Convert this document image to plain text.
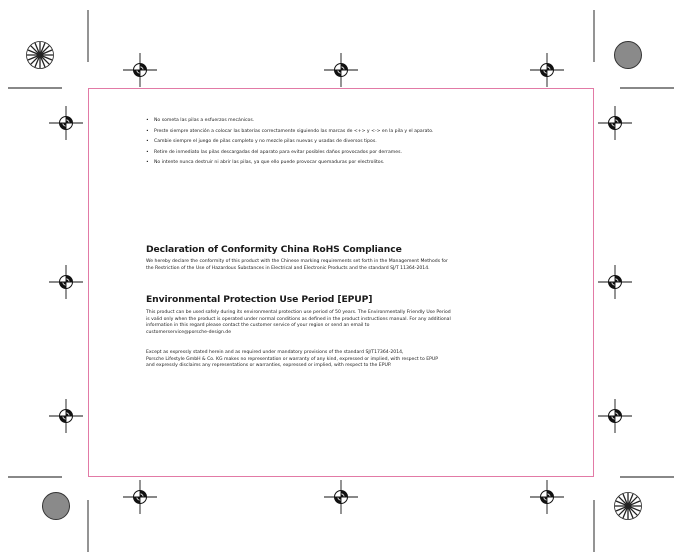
• No someta las pilas a esfuerzos mecánicos.
• Preste siempre atención a colocar las baterías correctamente siguiendo las marcas de <+> y <-> en la pila y el aparato.
• Cambie siempre el juego de pilas completo y no mezcle pilas nuevas y usadas de diversos tipos.
• Retire de inmediato las pilas descargadas del aparato para evitar posibles daños provocados por derrames.
• No intente nunca destruir ni abrir las pilas, ya que ello puede provocar quemaduras por electrolitos.
Declaration of Conformity China RoHS Compliance

We hereby declare the conformity of this product with the Chinese marking requirements set forth in the Management Methods for
the Restriction of the Use of Hazardous Substances in Electrical and Electronic Products and the standard SJ/T 11364-2014.

Environmental Protection Use Period [EPUP]

This product can be used safely during its environmental protection use period of 50 years. The Environmentally Friendly Use Period
is valid only when the product is operated under normal conditions as defined in the product instructions manual. For any additional
information in this regard please contact the customer service of your region or send an email to
customerservice@porsche-design.de

Except as expressly stated herein and as required under mandatory provisions of the standard SJ/T17364-2014,
Porsche Lifestyle GmbH & Co. KG makes no representation or warranty of any kind, expressed or implied, with respect to EPUP
and expressly disclaims any representations or warranties, expressed or implied, with respect to the EPUP.
